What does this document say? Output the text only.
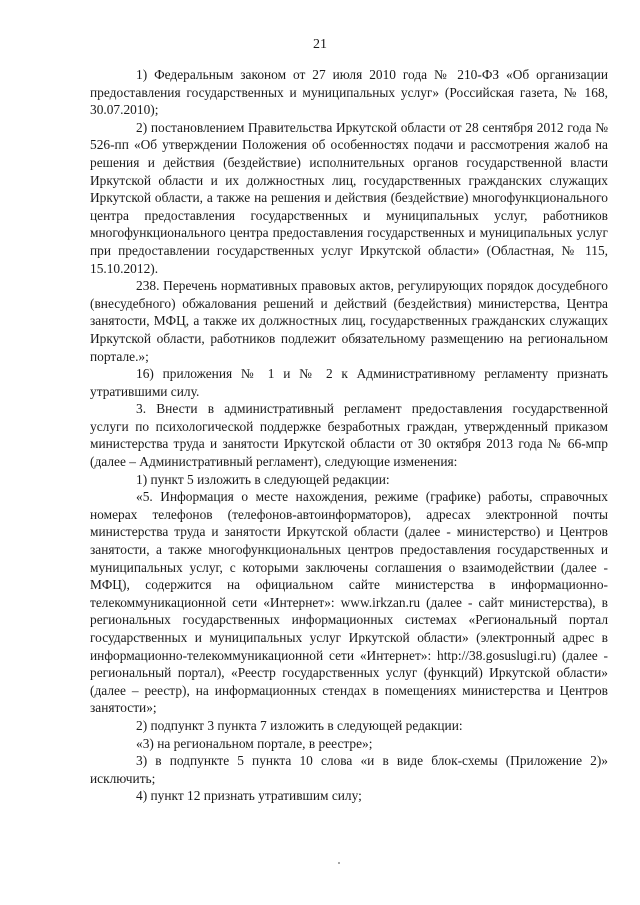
21

1) Федеральным законом от 27 июля 2010 года № 210-ФЗ «Об организации предоставления государственных и муниципальных услуг» (Российская газета, № 168, 30.07.2010);

2) постановлением Правительства Иркутской области от 28 сентября 2012 года № 526-пп «Об утверждении Положения об особенностях подачи и рассмотрения жалоб на решения и действия (бездействие) исполнительных органов государственной власти Иркутской области и их должностных лиц, государственных гражданских служащих Иркутской области, а также на решения и действия (бездействие) многофункционального центра предоставления государственных и муниципальных услуг, работников многофункционального центра предоставления государственных и муниципальных услуг при предоставлении государственных услуг Иркутской области» (Областная, № 115, 15.10.2012).

238. Перечень нормативных правовых актов, регулирующих порядок досудебного (внесудебного) обжалования решений и действий (бездействия) министерства, Центра занятости, МФЦ, а также их должностных лиц, государственных гражданских служащих Иркутской области, работников подлежит обязательному размещению на региональном портале.»;

16) приложения № 1 и № 2 к Административному регламенту признать утратившими силу.

3. Внести в административный регламент предоставления государственной услуги по психологической поддержке безработных граждан, утвержденный приказом министерства труда и занятости Иркутской области от 30 октября 2013 года № 66-мпр (далее – Административный регламент), следующие изменения:

1) пункт 5 изложить в следующей редакции:

«5. Информация о месте нахождения, режиме (графике) работы, справочных номерах телефонов (телефонов-автоинформаторов), адресах электронной почты министерства труда и занятости Иркутской области (далее - министерство) и Центров занятости, а также многофункциональных центров предоставления государственных и муниципальных услуг, с которыми заключены соглашения о взаимодействии (далее - МФЦ), содержится на официальном сайте министерства в информационно-телекоммуникационной сети «Интернет»: www.irkzan.ru (далее - сайт министерства), в региональных государственных информационных системах «Региональный портал государственных и муниципальных услуг Иркутской области» (электронный адрес в информационно-телекоммуникационной сети «Интернет»: http://38.gosuslugi.ru) (далее - региональный портал), «Реестр государственных услуг (функций) Иркутской области» (далее – реестр), на информационных стендах в помещениях министерства и Центров занятости»;

2) подпункт 3 пункта 7 изложить в следующей редакции:

«3) на региональном портале, в реестре»;

3) в подпункте 5 пункта 10 слова «и в виде блок-схемы (Приложение 2)» исключить;

4) пункт 12 признать утратившим силу;
